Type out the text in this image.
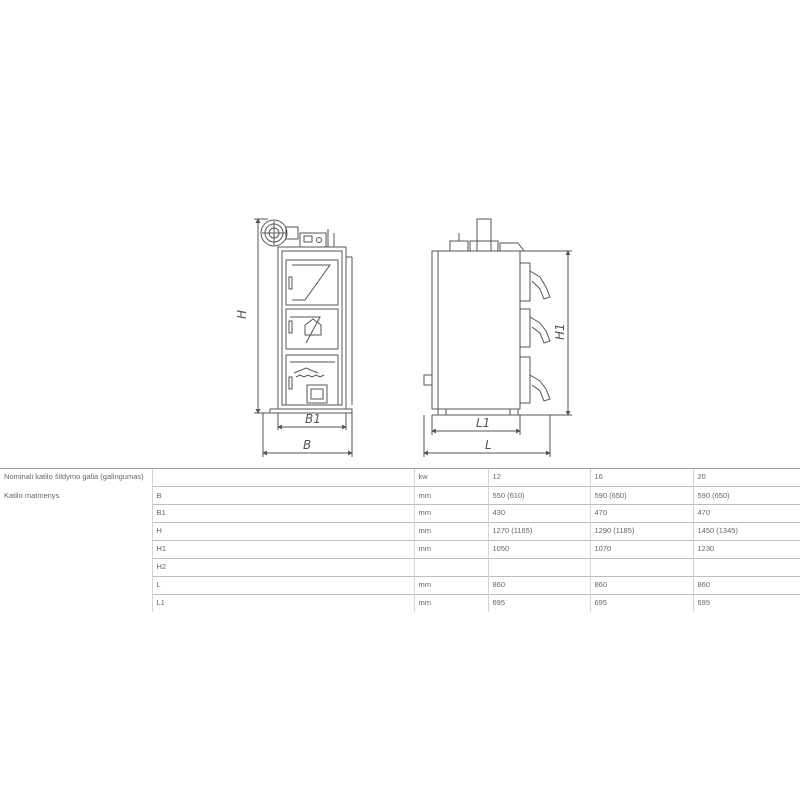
H
B1
B
H1
L1
L
Nominali katilo šildymo galia (galingumas)		kw	12	16	20
Katilo matmenys	B	mm	550 (610)	590 (650)	590 (650)
	B1	mm	430	470	470
	H	mm	1270 (1165)	1290 (1185)	1450 (1345)
	H1	mm	1050	1070	1230
	H2				
	L	mm	860	860	860
	L1	mm	695	695	695
